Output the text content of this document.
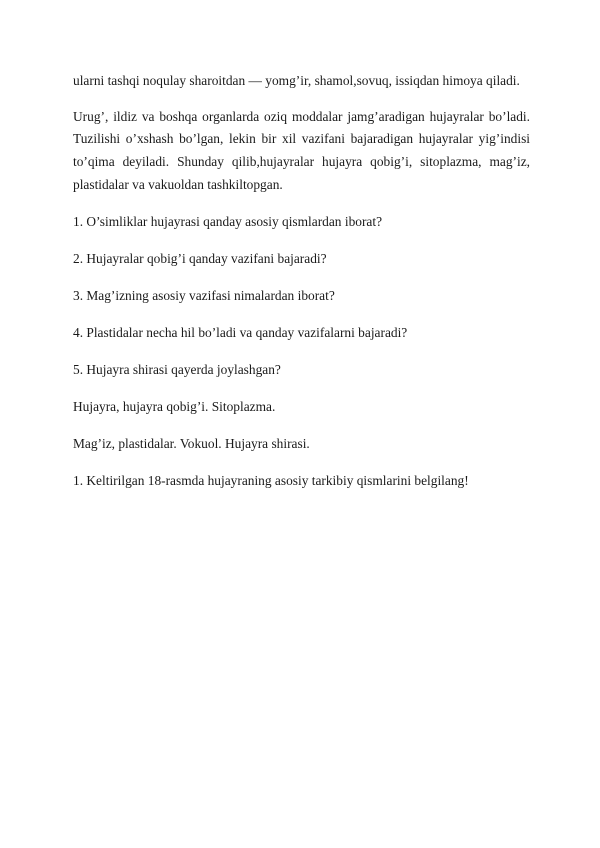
ularni tashqi noqulay sharoitdan — yomg’ir, shamol,sovuq, issiqdan himoya qiladi.

Urug’, ildiz va boshqa organlarda oziq moddalar jamg’aradigan hujayralar bo’ladi. Tuzilishi o’xshash bo’lgan, lekin bir xil vazifani bajaradigan hujayralar yig’indisi to’qima deyiladi. Shunday qilib,hujayralar hujayra qobig’i, sitoplazma, mag’iz, plastidalar va vakuoldan tashkiltopgan.

1. O’simliklar hujayrasi qanday asosiy qismlardan iborat?

2. Hujayralar qobig’i qanday vazifani bajaradi?

3. Mag’izning asosiy vazifasi nimalardan iborat?

4. Plastidalar necha hil bo’ladi va qanday vazifalarni bajaradi?

5. Hujayra shirasi qayerda joylashgan?

Hujayra, hujayra qobig’i. Sitoplazma.

Mag’iz, plastidalar. Vokuol. Hujayra shirasi.

1. Keltirilgan 18-rasmda hujayraning asosiy tarkibiy qismlarini belgilang!
